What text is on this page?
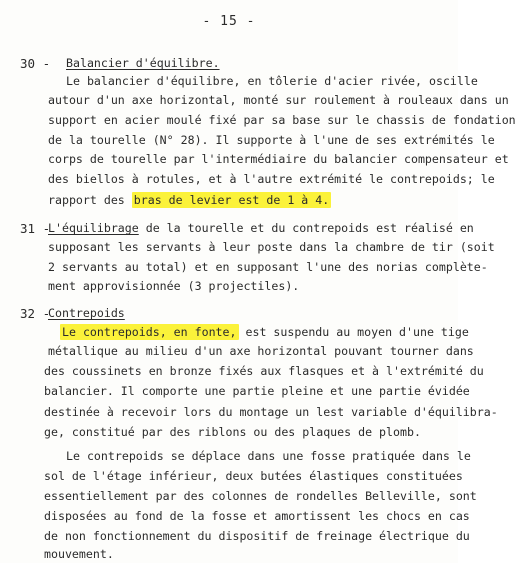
- 15 -
30 - Balancier d'équilibre.
Le balancier d'équilibre, en tôlerie d'acier rivée, oscille
autour d'un axe horizontal, monté sur roulement à rouleaux dans un
support en acier moulé fixé par sa base sur le chassis de fondation
de la tourelle (N° 28). Il supporte à l'une de ses extrémités le
corps de tourelle par l'intermédiaire du balancier compensateur et
des biellos à rotules, et à l'autre extrémité le contrepoids; le
rapport des bras de levier est de 1 à 4.
31 -
L'équilibrage de la tourelle et du contrepoids est réalisé en
supposant les servants à leur poste dans la chambre de tir (soit
2 servants au total) et en supposant l'une des norias complète-
ment approvisionnée (3 projectiles).
32 -
Contrepoids
Le contrepoids, en fonte, est suspendu au moyen d'une tige
métallique au milieu d'un axe horizontal pouvant tourner dans
des coussinets en bronze fixés aux flasques et à l'extrémité du
balancier. Il comporte une partie pleine et une partie évidée
destinée à recevoir lors du montage un lest variable d'équilibra-
ge, constitué par des riblons ou des plaques de plomb.
Le contrepoids se déplace dans une fosse pratiquée dans le
sol de l'étage inférieur, deux butées élastiques constituées
essentiellement par des colonnes de rondelles Belleville, sont
disposées au fond de la fosse et amortissent les chocs en cas
de non fonctionnement du dispositif de freinage électrique du
mouvement.
